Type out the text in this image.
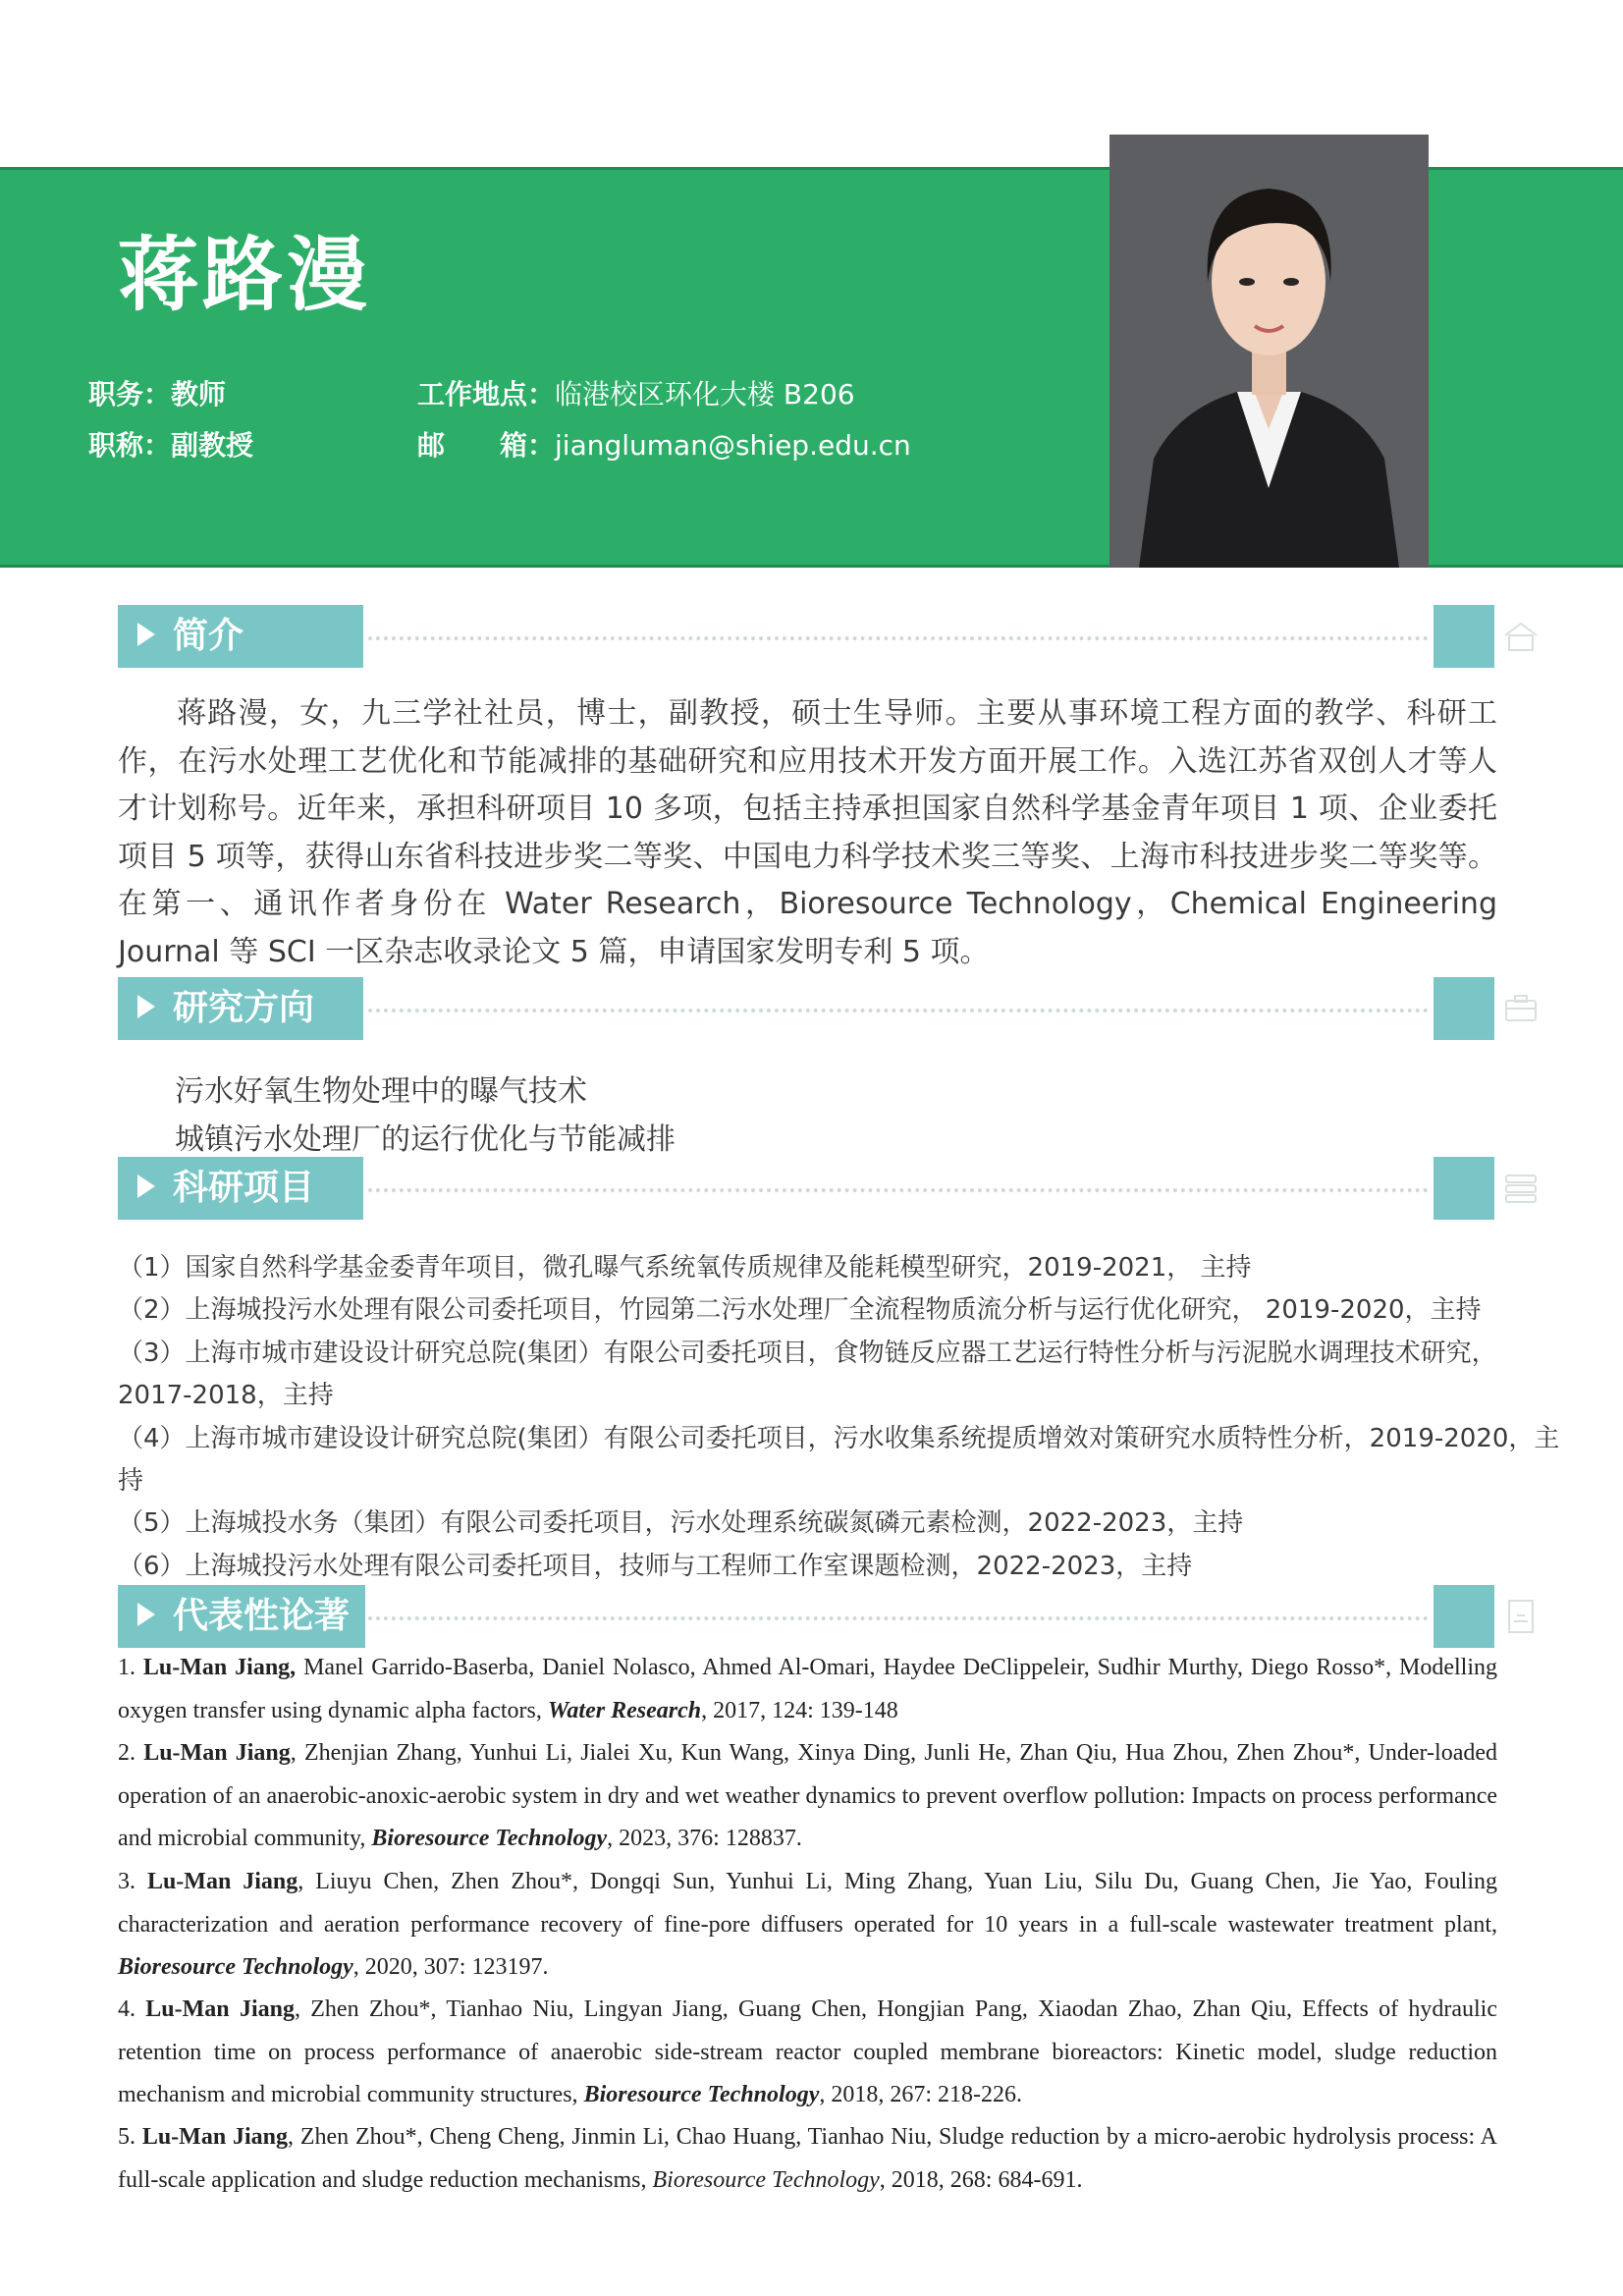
蒋路漫
职务：教师
职称：副教授
工作地点：临港校区环化大楼 B206
邮　　箱：jiangluman@shiep.edu.cn
简介
蒋路漫，女，九三学社社员，博士，副教授，硕士生导师。主要从事环境工程方面的教学、科研工作，在污水处理工艺优化和节能减排的基础研究和应用技术开发方面开展工作。入选江苏省双创人才等人才计划称号。近年来，承担科研项目 10 多项，包括主持承担国家自然科学基金青年项目 1 项、企业委托项目 5 项等，获得山东省科技进步奖二等奖、中国电力科学技术奖三等奖、上海市科技进步奖二等奖等。在第一、通讯作者身份在 Water Research，Bioresource Technology，Chemical Engineering Journal 等 SCI 一区杂志收录论文 5 篇，申请国家发明专利 5 项。
研究方向
污水好氧生物处理中的曝气技术
城镇污水处理厂的运行优化与节能减排
科研项目
（1）国家自然科学基金委青年项目，微孔曝气系统氧传质规律及能耗模型研究，2019-2021， 主持
（2）上海城投污水处理有限公司委托项目，竹园第二污水处理厂全流程物质流分析与运行优化研究， 2019-2020，主持
（3）上海市城市建设设计研究总院(集团）有限公司委托项目，食物链反应器工艺运行特性分析与污泥脱水调理技术研究，
2017-2018，主持
（4）上海市城市建设设计研究总院(集团）有限公司委托项目，污水收集系统提质增效对策研究水质特性分析，2019-2020，主
持
（5）上海城投水务（集团）有限公司委托项目，污水处理系统碳氮磷元素检测，2022-2023，主持
（6）上海城投污水处理有限公司委托项目，技师与工程师工作室课题检测，2022-2023，主持
代表性论著
1. Lu-Man Jiang, Manel Garrido-Baserba, Daniel Nolasco, Ahmed Al-Omari, Haydee DeClippeleir, Sudhir Murthy, Diego Rosso*, Modelling oxygen transfer using dynamic alpha factors, Water Research, 2017, 124: 139-148
2. Lu-Man Jiang, Zhenjian Zhang, Yunhui Li, Jialei Xu, Kun Wang, Xinya Ding, Junli He, Zhan Qiu, Hua Zhou, Zhen Zhou*, Under-loaded operation of an anaerobic-anoxic-aerobic system in dry and wet weather dynamics to prevent overflow pollution: Impacts on process performance and microbial community, Bioresource Technology, 2023, 376: 128837.
3. Lu-Man Jiang, Liuyu Chen, Zhen Zhou*, Dongqi Sun, Yunhui Li, Ming Zhang, Yuan Liu, Silu Du, Guang Chen, Jie Yao, Fouling characterization and aeration performance recovery of fine-pore diffusers operated for 10 years in a full-scale wastewater treatment plant, Bioresource Technology, 2020, 307: 123197.
4. Lu-Man Jiang, Zhen Zhou*, Tianhao Niu, Lingyan Jiang, Guang Chen, Hongjian Pang, Xiaodan Zhao, Zhan Qiu, Effects of hydraulic retention time on process performance of anaerobic side-stream reactor coupled membrane bioreactors: Kinetic model, sludge reduction mechanism and microbial community structures, Bioresource Technology, 2018, 267: 218-226.
5. Lu-Man Jiang, Zhen Zhou*, Cheng Cheng, Jinmin Li, Chao Huang, Tianhao Niu, Sludge reduction by a micro-aerobic hydrolysis process: A full-scale application and sludge reduction mechanisms, Bioresource Technology, 2018, 268: 684-691.
